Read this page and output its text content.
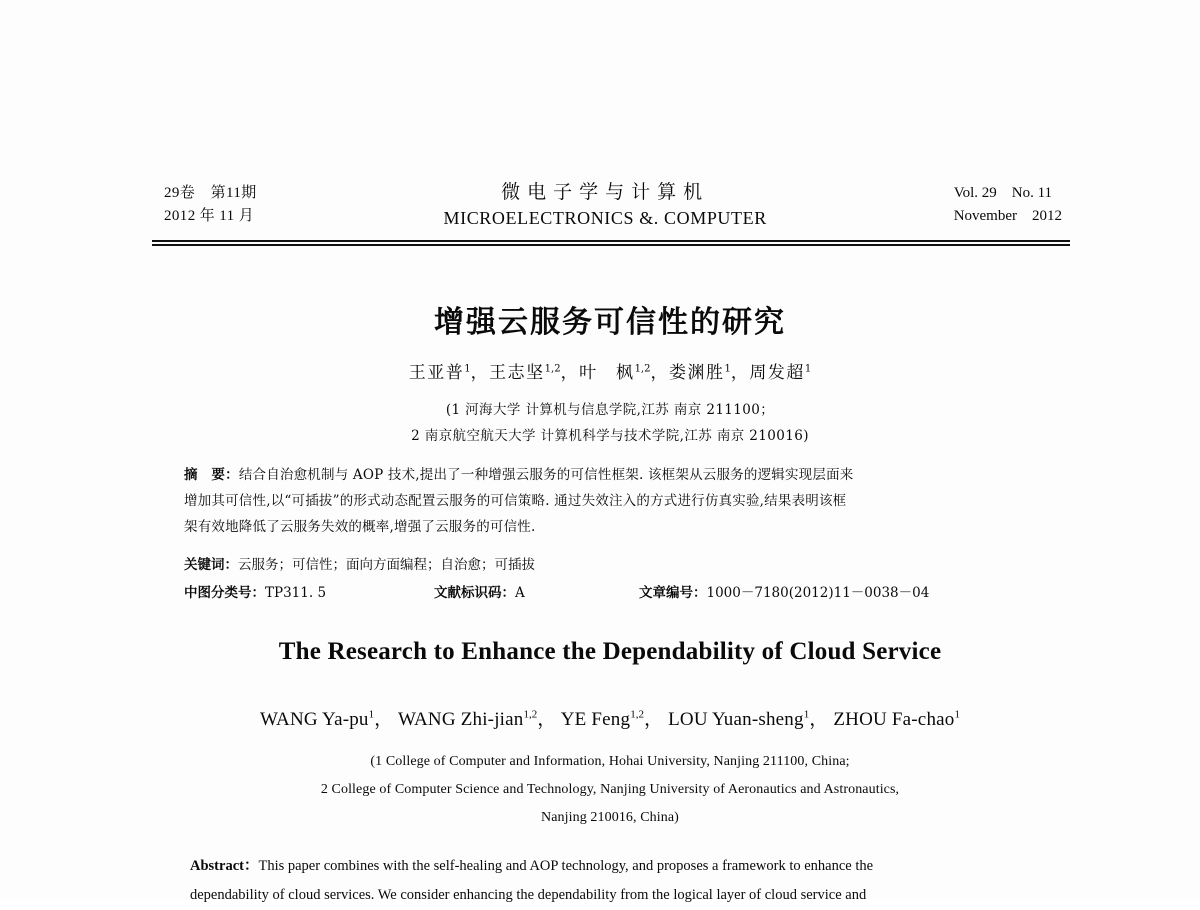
29卷　第11期
2012 年 11 月
微电子学与计算机
MICROELECTRONICS &. COMPUTER
Vol. 29　No. 11
November　2012
增强云服务可信性的研究
王亚普$^1$，王志坚$^{1,2}$，叶　枫$^{1,2}$，娄渊胜$^1$，周发超$^1$
(1 河海大学 计算机与信息学院,江苏 南京 211100；
2 南京航空航天大学 计算机科学与技术学院,江苏 南京 210016)
摘　要：结合自治愈机制与 AOP 技术,提出了一种增强云服务的可信性框架. 该框架从云服务的逻辑实现层面来
增加其可信性,以“可插拔”的形式动态配置云服务的可信策略. 通过失效注入的方式进行仿真实验,结果表明该框
架有效地降低了云服务失效的概率,增强了云服务的可信性.
关键词：云服务；可信性；面向方面编程；自治愈；可插拔
中图分类号：TP311. 5	文献标识码：A	文章编号：1000－7180(2012)11－0038－04
The Research to Enhance the Dependability of Cloud Service
WANG $Ya-pu^1$， WANG Zhi-jian$^{1,2}$， YE Feng$^{1,2}$， LOU Yuan-sheng$^1$， ZHOU Fa-chao$^1$
(1 College of Computer and Information, Hohai University, Nanjing 211100, China;
2 College of Computer Science and Technology, Nanjing University of Aeronautics and Astronautics,
Nanjing 210016, China)
Abstract：This paper combines with the self-healing and AOP technology, and proposes a framework to enhance the
dependability of cloud services. We consider enhancing the dependability from the logical layer of cloud service and
